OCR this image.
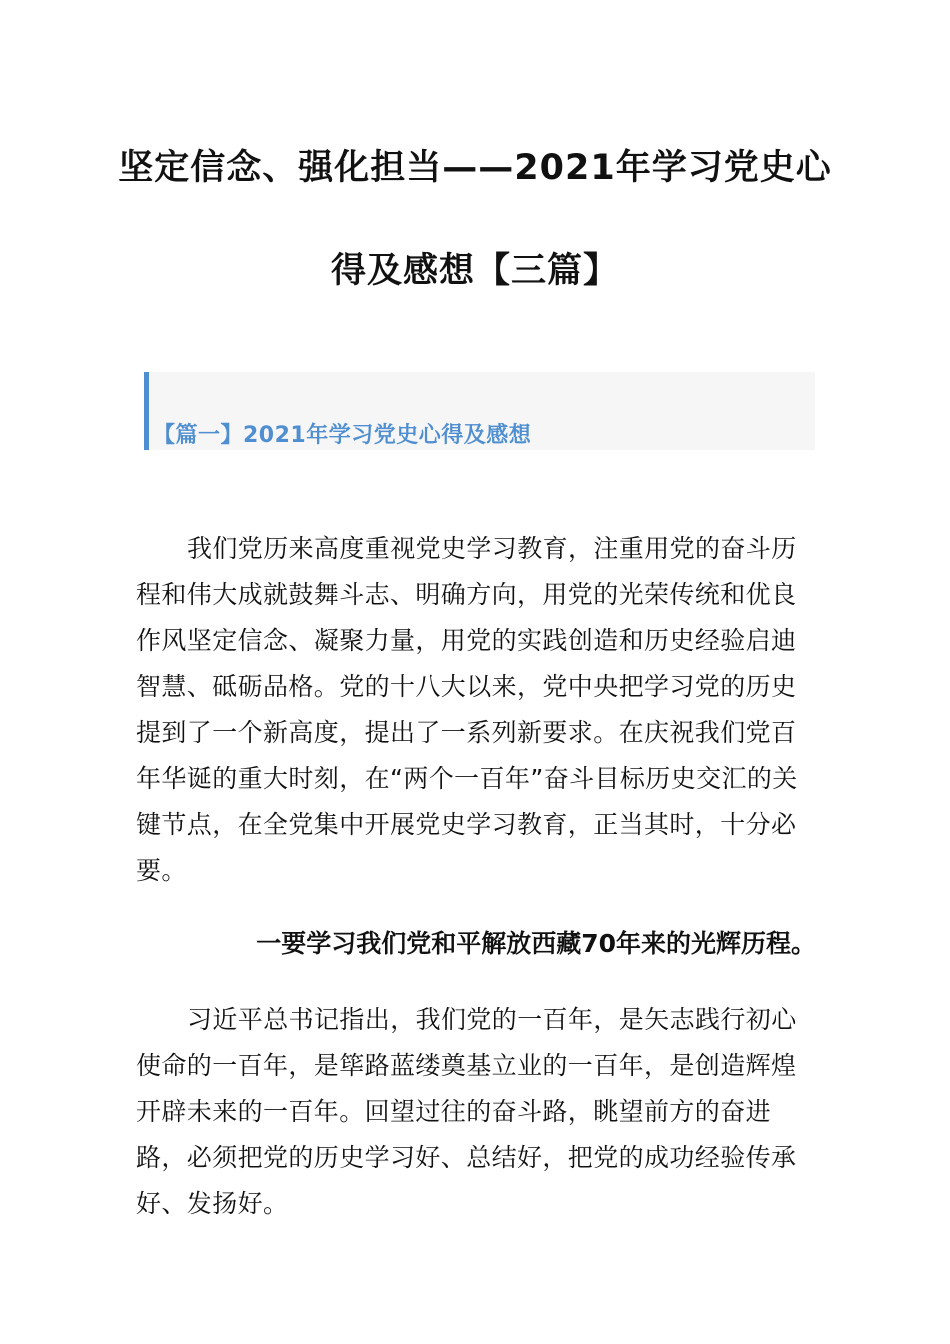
坚定信念、强化担当——2021年学习党史心
得及感想【三篇】
【篇一】2021年学习党史心得及感想
我们党历来高度重视党史学习教育，注重用党的奋斗历
程和伟大成就鼓舞斗志、明确方向，用党的光荣传统和优良
作风坚定信念、凝聚力量，用党的实践创造和历史经验启迪
智慧、砥砺品格。党的十八大以来，党中央把学习党的历史
提到了一个新高度，提出了一系列新要求。在庆祝我们党百
年华诞的重大时刻，在“两个一百年”奋斗目标历史交汇的关
键节点，在全党集中开展党史学习教育，正当其时，十分必
要。
一要学习我们党和平解放西藏70年来的光辉历程。
习近平总书记指出，我们党的一百年，是矢志践行初心
使命的一百年，是筚路蓝缕奠基立业的一百年，是创造辉煌
开辟未来的一百年。回望过往的奋斗路，眺望前方的奋进
路，必须把党的历史学习好、总结好，把党的成功经验传承
好、发扬好。
